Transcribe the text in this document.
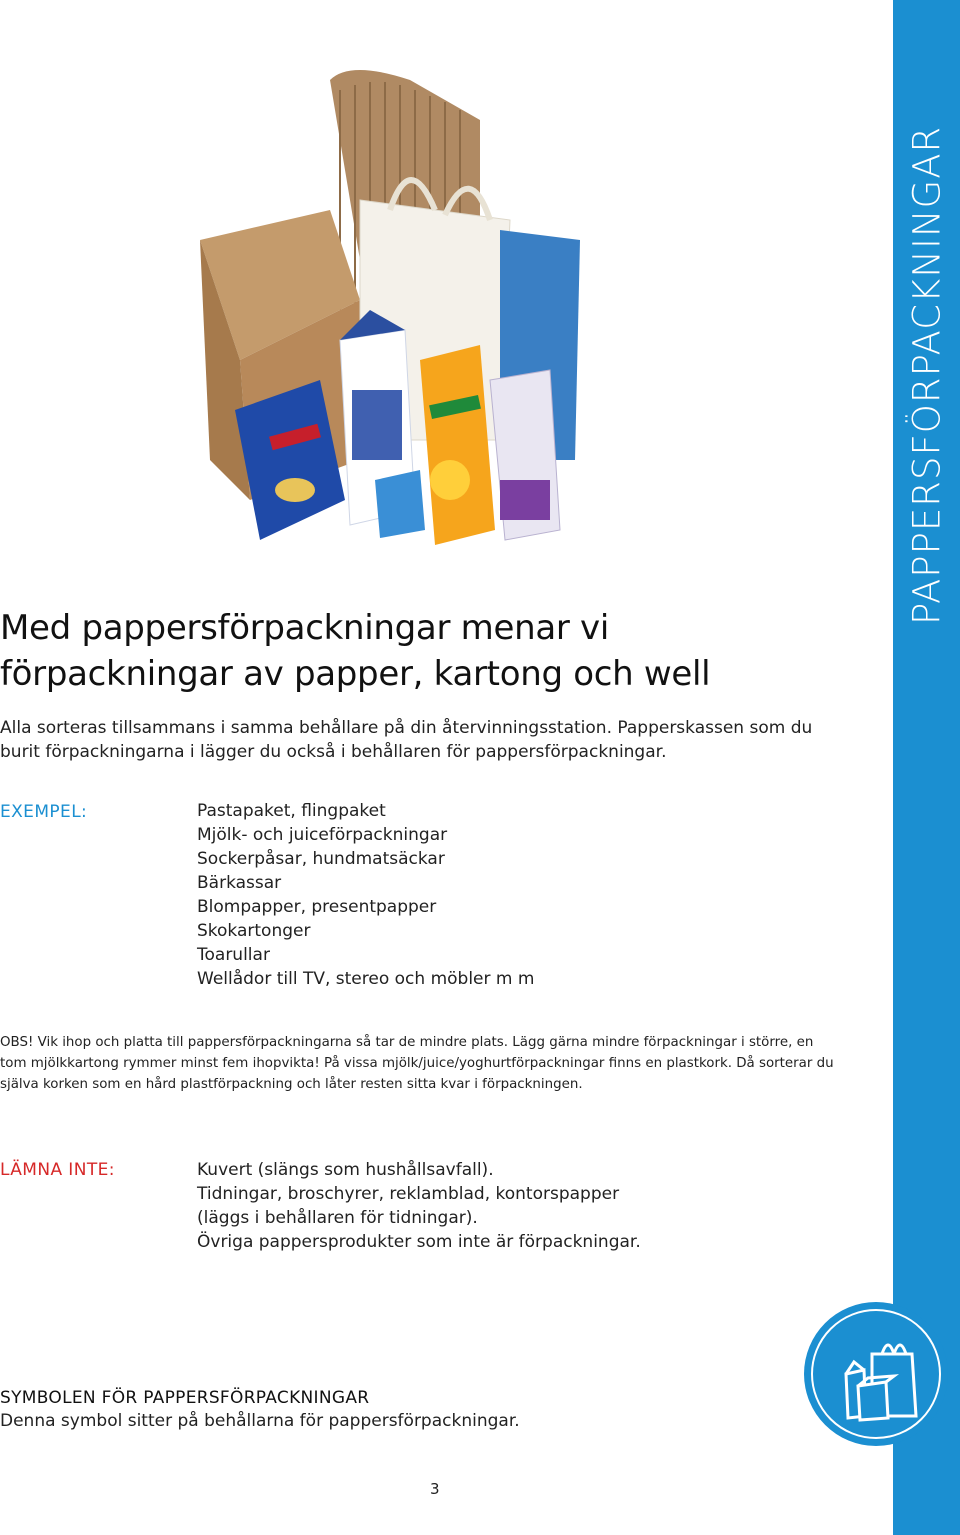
PAPPERSFÖRPACKNINGAR
Med pappersförpackningar menar vi
förpackningar av papper, kartong och well
Alla sorteras tillsammans i samma behållare på din återvinningsstation. Papperskassen som du
burit förpackningarna i lägger du också i behållaren för pappersförpackningar.
EXEMPEL:	Pastapaket, flingpaket
Mjölk- och juiceförpackningar
Sockerpåsar, hundmatsäckar
Bärkassar
Blompapper, presentpapper
Skokartonger
Toarullar
Wellådor till TV, stereo och möbler m m
OBS! Vik ihop och platta till pappersförpackningarna så tar de mindre plats. Lägg gärna mindre förpackningar i större, en
tom mjölkkartong rymmer minst fem ihopvikta! På vissa mjölk/juice/yoghurtförpackningar finns en plastkork. Då sorterar du
själva korken som en hård plastförpackning och låter resten sitta kvar i förpackningen.
LÄMNA INTE:	Kuvert (slängs som hushållsavfall).
Tidningar, broschyrer, reklamblad, kontorspapper
(läggs i behållaren för tidningar).
Övriga pappersprodukter som inte är förpackningar.
SYMBOLEN FÖR PAPPERSFÖRPACKNINGAR
Denna symbol sitter på behållarna för pappersförpackningar.
3
